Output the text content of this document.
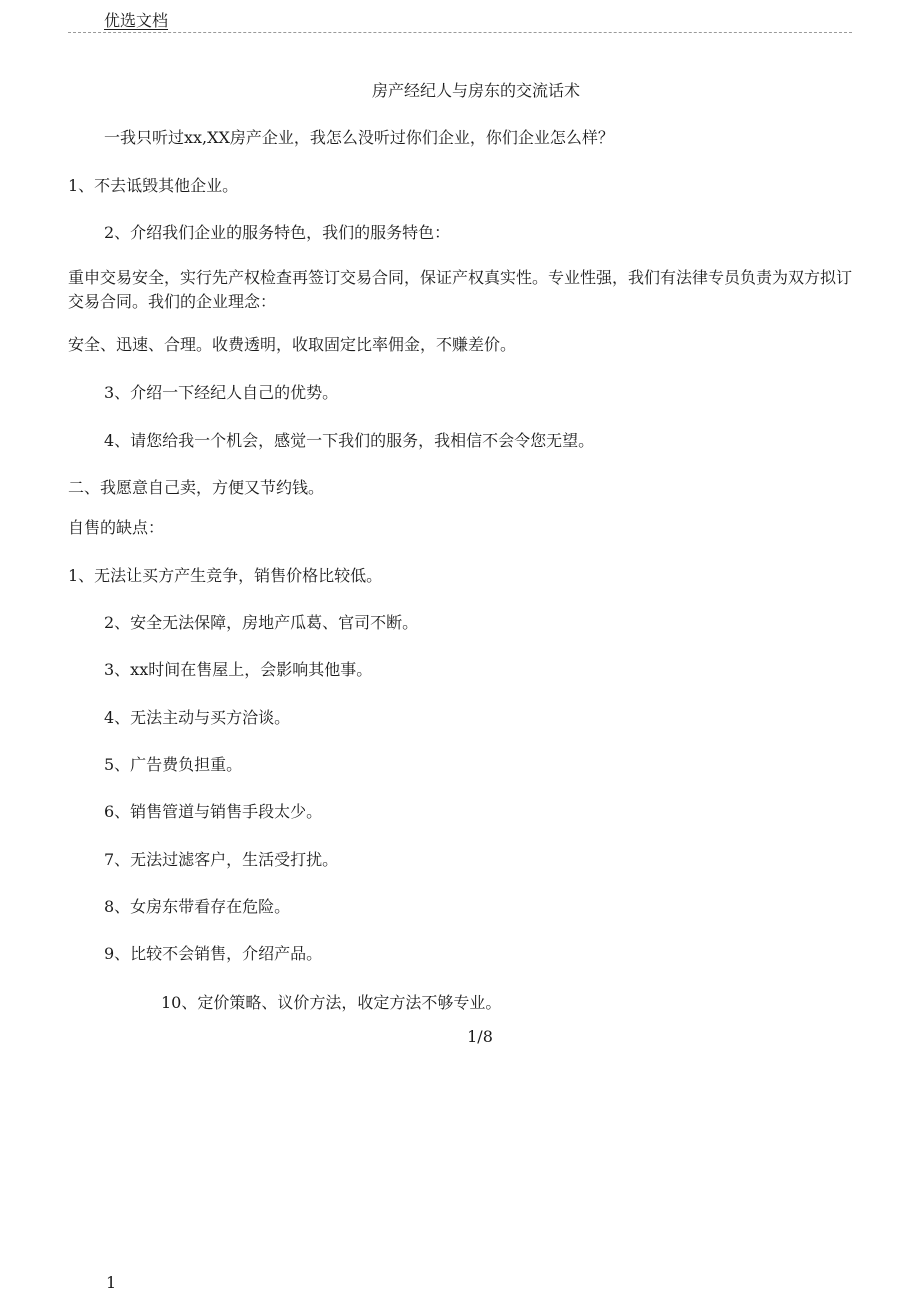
优选文档
房产经纪人与房东的交流话术
一我只听过xx,XX房产企业，我怎么没听过你们企业，你们企业怎么样？
1、不去诋毁其他企业。
2、介绍我们企业的服务特色，我们的服务特色：
重申交易安全，实行先产权检查再签订交易合同，保证产权真实性。专业性强，我们有法律专员负责为双方拟订交易合同。我们的企业理念：
安全、迅速、合理。收费透明，收取固定比率佣金，不赚差价。
3、介绍一下经纪人自己的优势。
4、请您给我一个机会，感觉一下我们的服务，我相信不会令您无望。
二、我愿意自己卖，方便又节约钱。
自售的缺点：
1、无法让买方产生竞争，销售价格比较低。
2、安全无法保障，房地产瓜葛、官司不断。
3、xx时间在售屋上，会影响其他事。
4、无法主动与买方洽谈。
5、广告费负担重。
6、销售管道与销售手段太少。
7、无法过滤客户，生活受打扰。
8、女房东带看存在危险。
9、比较不会销售，介绍产品。
10、定价策略、议价方法，收定方法不够专业。
1/8
1
